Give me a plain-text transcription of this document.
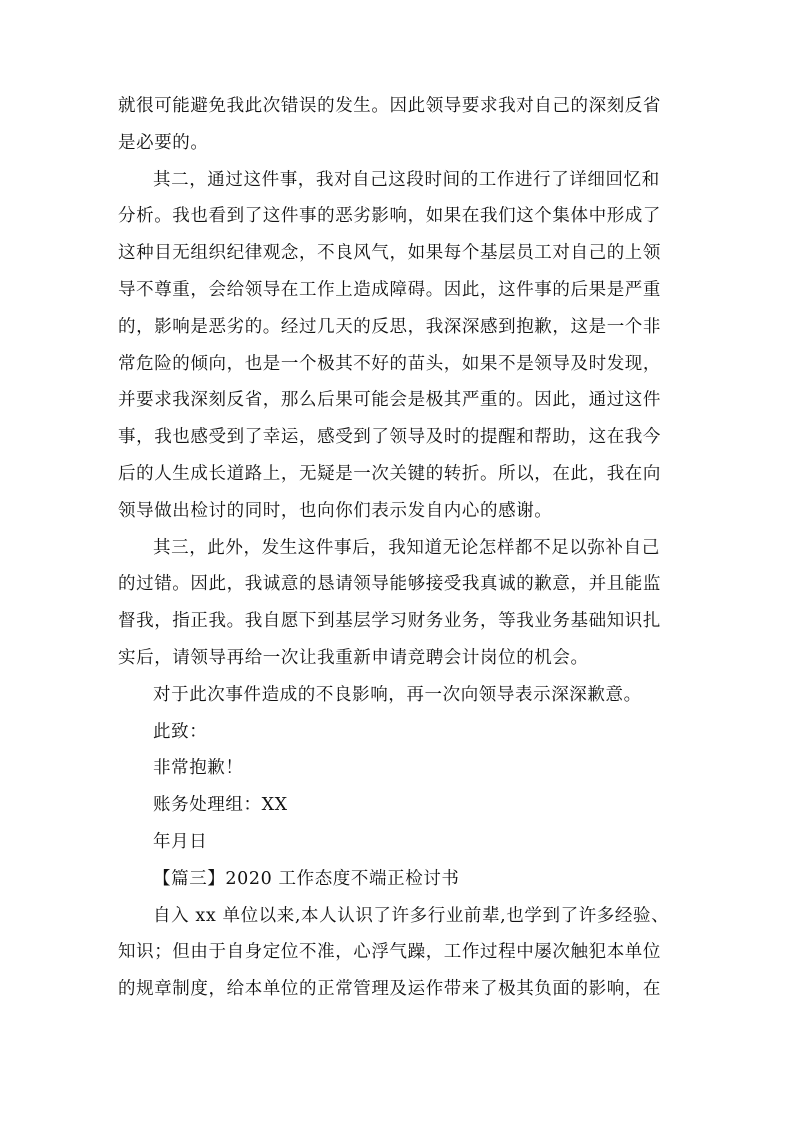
就很可能避免我此次错误的发生。因此领导要求我对自己的深刻反省
是必要的。
其二，通过这件事，我对自己这段时间的工作进行了详细回忆和
分析。我也看到了这件事的恶劣影响，如果在我们这个集体中形成了
这种目无组织纪律观念，不良风气，如果每个基层员工对自己的上领
导不尊重，会给领导在工作上造成障碍。因此，这件事的后果是严重
的，影响是恶劣的。经过几天的反思，我深深感到抱歉，这是一个非
常危险的倾向，也是一个极其不好的苗头，如果不是领导及时发现，
并要求我深刻反省，那么后果可能会是极其严重的。因此，通过这件
事，我也感受到了幸运，感受到了领导及时的提醒和帮助，这在我今
后的人生成长道路上，无疑是一次关键的转折。所以，在此，我在向
领导做出检讨的同时，也向你们表示发自内心的感谢。
其三，此外，发生这件事后，我知道无论怎样都不足以弥补自己
的过错。因此，我诚意的恳请领导能够接受我真诚的歉意，并且能监
督我，指正我。我自愿下到基层学习财务业务，等我业务基础知识扎
实后，请领导再给一次让我重新申请竞聘会计岗位的机会。
对于此次事件造成的不良影响，再一次向领导表示深深歉意。
此致：
非常抱歉！
账务处理组：XX
年月日
【篇三】2020 工作态度不端正检讨书
自入 xx 单位以来,本人认识了许多行业前辈,也学到了许多经验、
知识；但由于自身定位不准，心浮气躁，工作过程中屡次触犯本单位
的规章制度，给本单位的正常管理及运作带来了极其负面的影响，在
